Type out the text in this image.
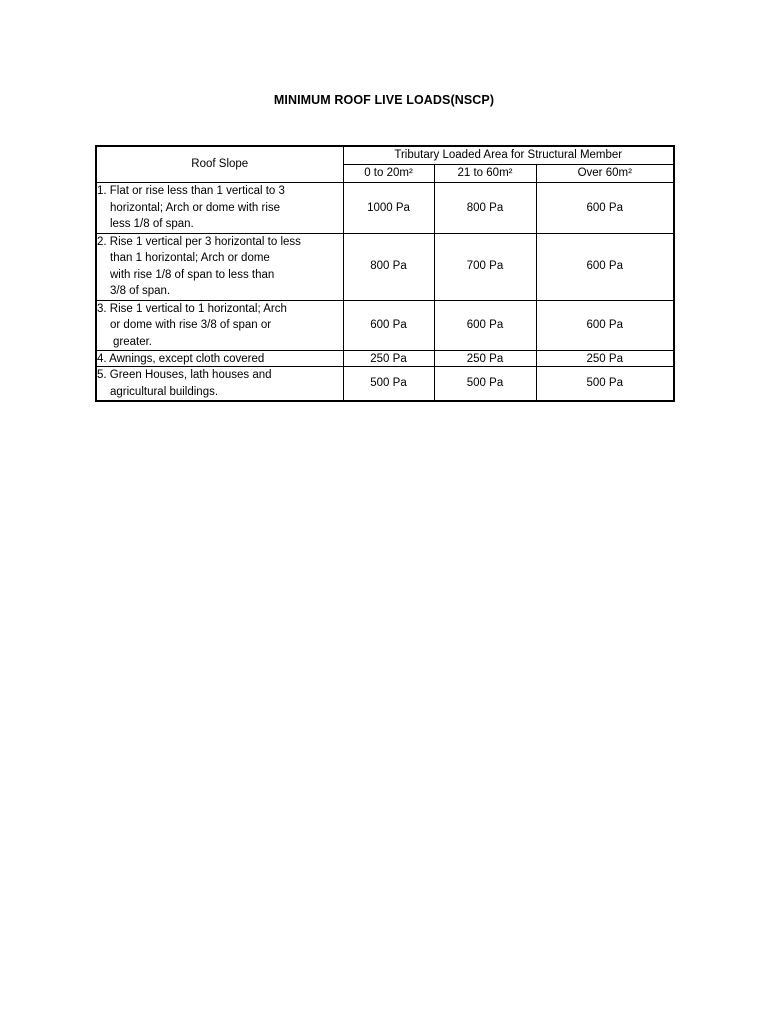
MINIMUM ROOF LIVE LOADS(NSCP)
Roof Slope	Tributary Loaded Area for Structural Member		
	0 to 20m²	21 to 60m²	Over 60m²

1. Flat or rise less than 1 vertical to 3
horizontal; Arch or dome with rise
less 1/8 of span.	1000 Pa	800 Pa	600 Pa

2. Rise 1 vertical per 3 horizontal to less
than 1 horizontal; Arch or dome
with rise 1/8 of span to less than
3/8 of span.	800 Pa	700 Pa	600 Pa

3. Rise 1 vertical to 1 horizontal; Arch
or dome with rise 3/8 of span or
greater.	600 Pa	600 Pa	600 Pa

4. Awnings, except cloth covered	250 Pa	250 Pa	250 Pa

5. Green Houses, lath houses and
agricultural buildings.	500 Pa	500 Pa	500 Pa
